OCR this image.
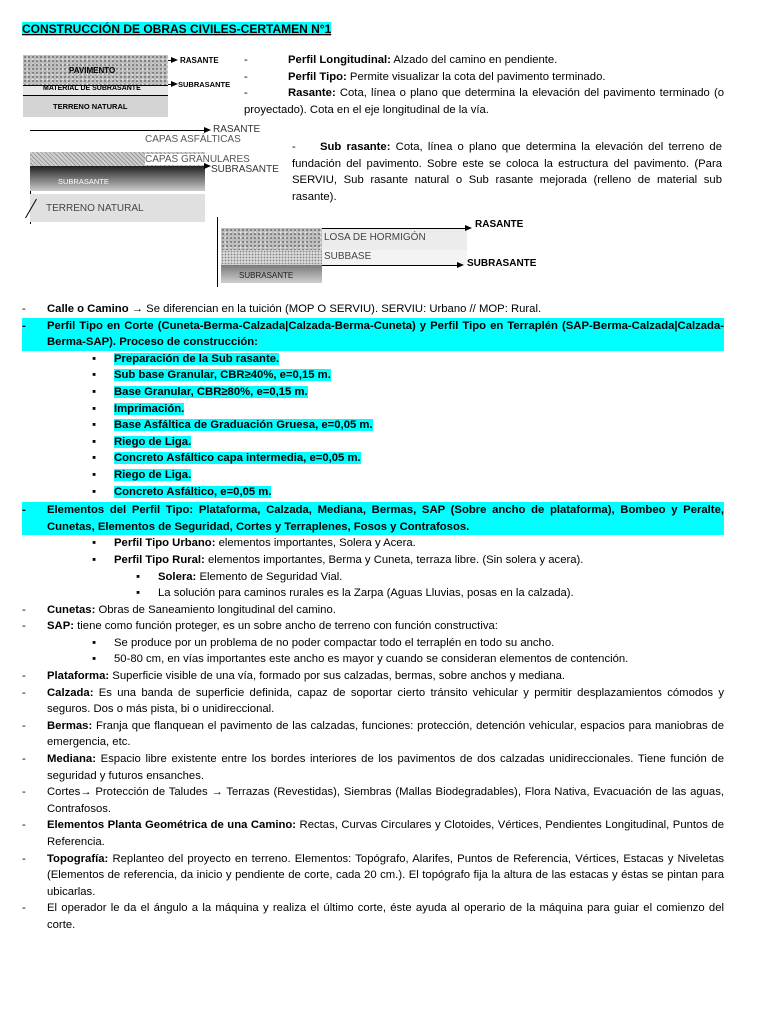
CONSTRUCCIÓN DE OBRAS CIVILES-CERTAMEN N°1
PAVIMENTO
MATERIAL DE SUBRASANTE
TERRENO NATURAL
RASANTE
SUBRASANTE
-	Perfil Longitudinal: Alzado del camino en pendiente.
-	Perfil Tipo: Permite visualizar la cota del pavimento terminado.
-	Rasante: Cota, línea o plano que determina la elevación del pavimento terminado (o proyectado). Cota en el eje longitudinal de la vía.
CAPAS ASFÁLTICAS
CAPAS GRANULARES
SUBRASANTE
TERRENO NATURAL
RASANTE
SUBRASANTE
- Sub rasante: Cota, línea o plano que determina la elevación del terreno de fundación del pavimento. Sobre este se coloca la estructura del pavimento. (Para SERVIU, Sub rasante natural o Sub rasante mejorada (relleno de material sub rasante).
LOSA DE HORMIGÓN
SUBBASE
SUBRASANTE
RASANTE
SUBRASANTE
- Calle o Camino → Se diferencian en la tuición (MOP O SERVIU). SERVIU: Urbano // MOP: Rural.
- Perfil Tipo en Corte (Cuneta-Berma-Calzada|Calzada-Berma-Cuneta) y Perfil Tipo en Terraplén (SAP-Berma-Calzada|Calzada-Berma-SAP). Proceso de construcción:
▪ Preparación de la Sub rasante.
▪ Sub base Granular, CBR≥40%, e=0,15 m.
▪ Base Granular, CBR≥80%, e=0,15 m.
▪ Imprimación.
▪ Base Asfáltica de Graduación Gruesa, e=0,05 m.
▪ Riego de Liga.
▪ Concreto Asfáltico capa intermedia, e=0,05 m.
▪ Riego de Liga.
▪ Concreto Asfáltico, e=0,05 m.
- Elementos del Perfil Tipo: Plataforma, Calzada, Mediana, Bermas, SAP (Sobre ancho de plataforma), Bombeo y Peralte, Cunetas, Elementos de Seguridad, Cortes y Terraplenes, Fosos y Contrafosos.
▪ Perfil Tipo Urbano: elementos importantes, Solera y Acera.
▪ Perfil Tipo Rural: elementos importantes, Berma y Cuneta, terraza libre. (Sin solera y acera).
▪ Solera: Elemento de Seguridad Vial.
▪ La solución para caminos rurales es la Zarpa (Aguas Lluvias, posas en la calzada).
- Cunetas: Obras de Saneamiento longitudinal del camino.
- SAP: tiene como función proteger, es un sobre ancho de terreno con función constructiva:
▪ Se produce por un problema de no poder compactar todo el terraplén en todo su ancho.
▪ 50-80 cm, en vías importantes este ancho es mayor y cuando se consideran elementos de contención.
- Plataforma: Superficie visible de una vía, formado por sus calzadas, bermas, sobre anchos y mediana.
- Calzada: Es una banda de superficie definida, capaz de soportar cierto tránsito vehicular y permitir desplazamientos cómodos y seguros. Dos o más pista, bi o unidireccional.
- Bermas: Franja que flanquean el pavimento de las calzadas, funciones: protección, detención vehicular, espacios para maniobras de emergencia, etc.
- Mediana: Espacio libre existente entre los bordes interiores de los pavimentos de dos calzadas unidireccionales. Tiene función de seguridad y futuros ensanches.
- Cortes→ Protección de Taludes → Terrazas (Revestidas), Siembras (Mallas Biodegradables), Flora Nativa, Evacuación de las aguas, Contrafosos.
- Elementos Planta Geométrica de una Camino: Rectas, Curvas Circulares y Clotoides, Vértices, Pendientes Longitudinal, Puntos de Referencia.
- Topografía: Replanteo del proyecto en terreno. Elementos: Topógrafo, Alarifes, Puntos de Referencia, Vértices, Estacas y Niveletas (Elementos de referencia, da inicio y pendiente de corte, cada 20 cm.). El topógrafo fija la altura de las estacas y éstas se pintan para ubicarlas.
- El operador le da el ángulo a la máquina y realiza el último corte, éste ayuda al operario de la máquina para guiar el comienzo del corte.
